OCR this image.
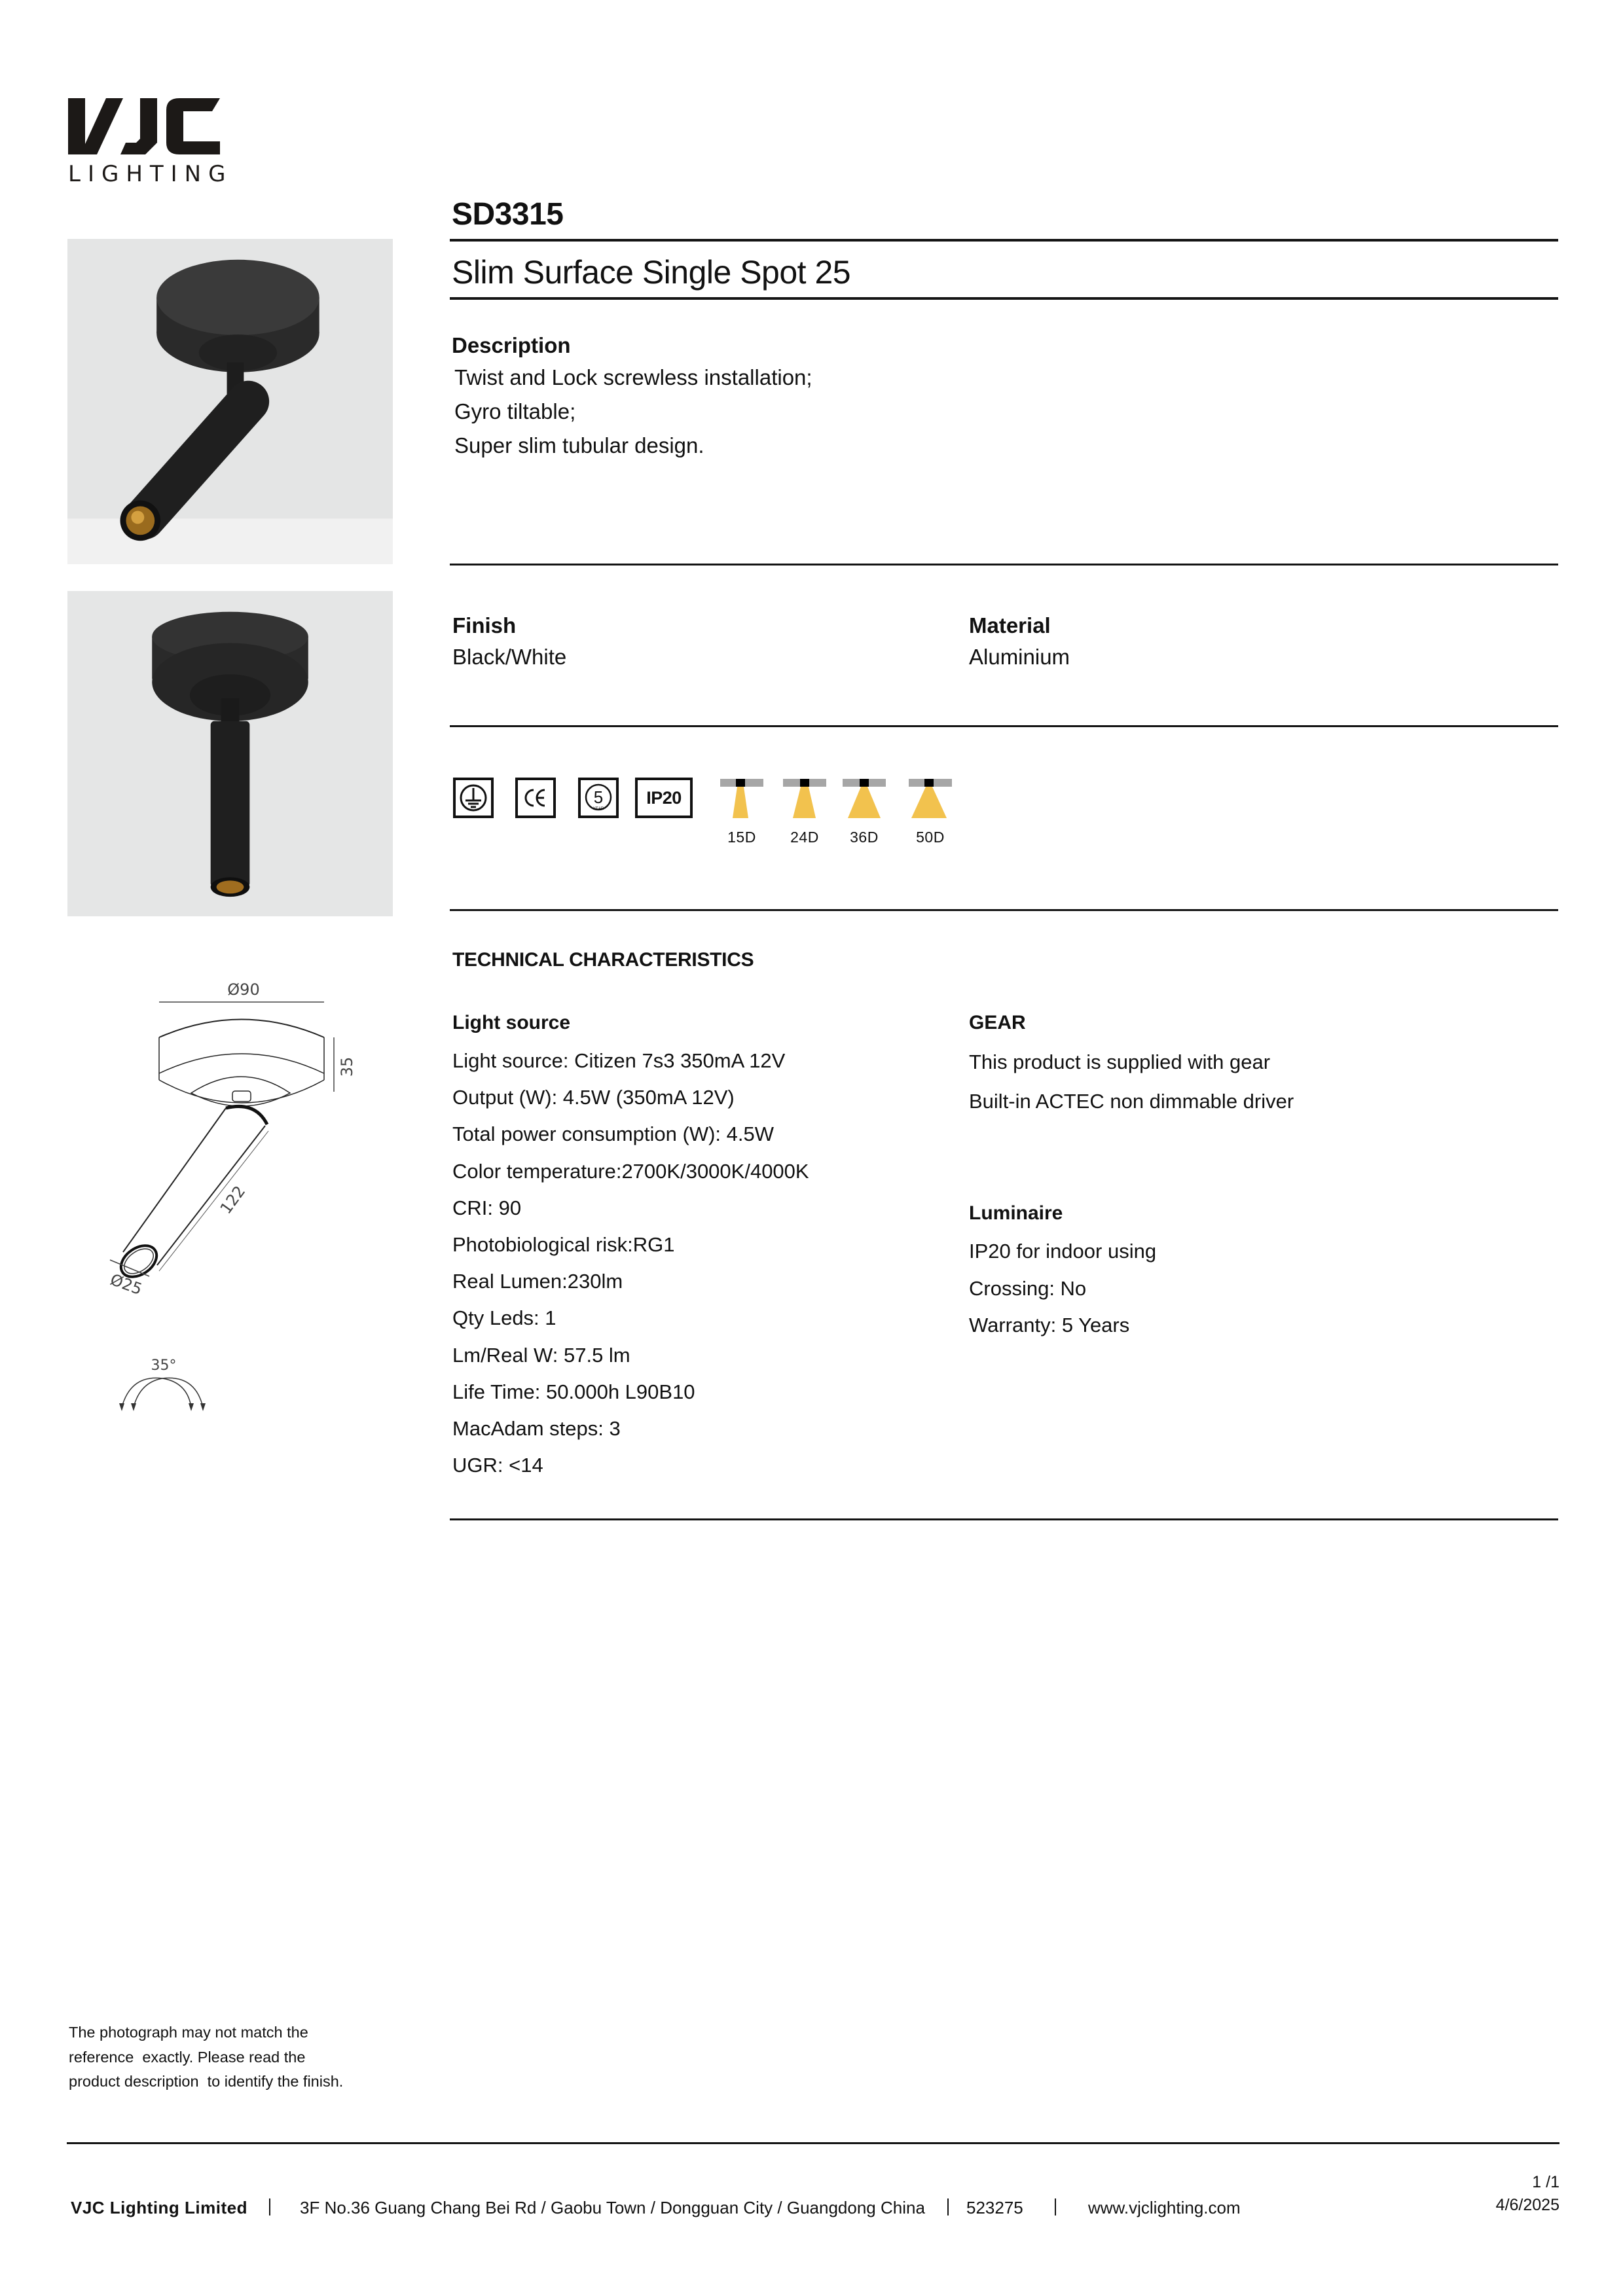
LIGHTING
SD3315
Slim Surface Single Spot 25
Description
Twist and Lock screwless installation;
Gyro tiltable;
Super slim tubular design.
Finish
Black/White
Material
Aluminium
5
YEAR
IP20
15D	24D	36D	50D
TECHNICAL CHARACTERISTICS
Light source
Light source: Citizen 7s3 350mA 12V
Output (W): 4.5W (350mA 12V)
Total power consumption (W): 4.5W
Color temperature:2700K/3000K/4000K
CRI: 90
Photobiological risk:RG1
Real Lumen:230lm
Qty Leds: 1
Lm/Real W: 57.5 lm
Life Time: 50.000h L90B10
MacAdam steps: 3
UGR: <14
GEAR
This product is supplied with gear
Built-in ACTEC non dimmable driver
Luminaire
IP20 for indoor using
Crossing: No
Warranty: 5 Years
Ø90
35
122
Ø25
35°
The photograph may not match the
reference  exactly. Please read the
product description  to identify the finish.
VJC Lighting Limited	3F No.36 Guang Chang Bei Rd / Gaobu Town / Dongguan City / Guangdong China 523275	www.vjclighting.com
1 /1
4/6/2025
